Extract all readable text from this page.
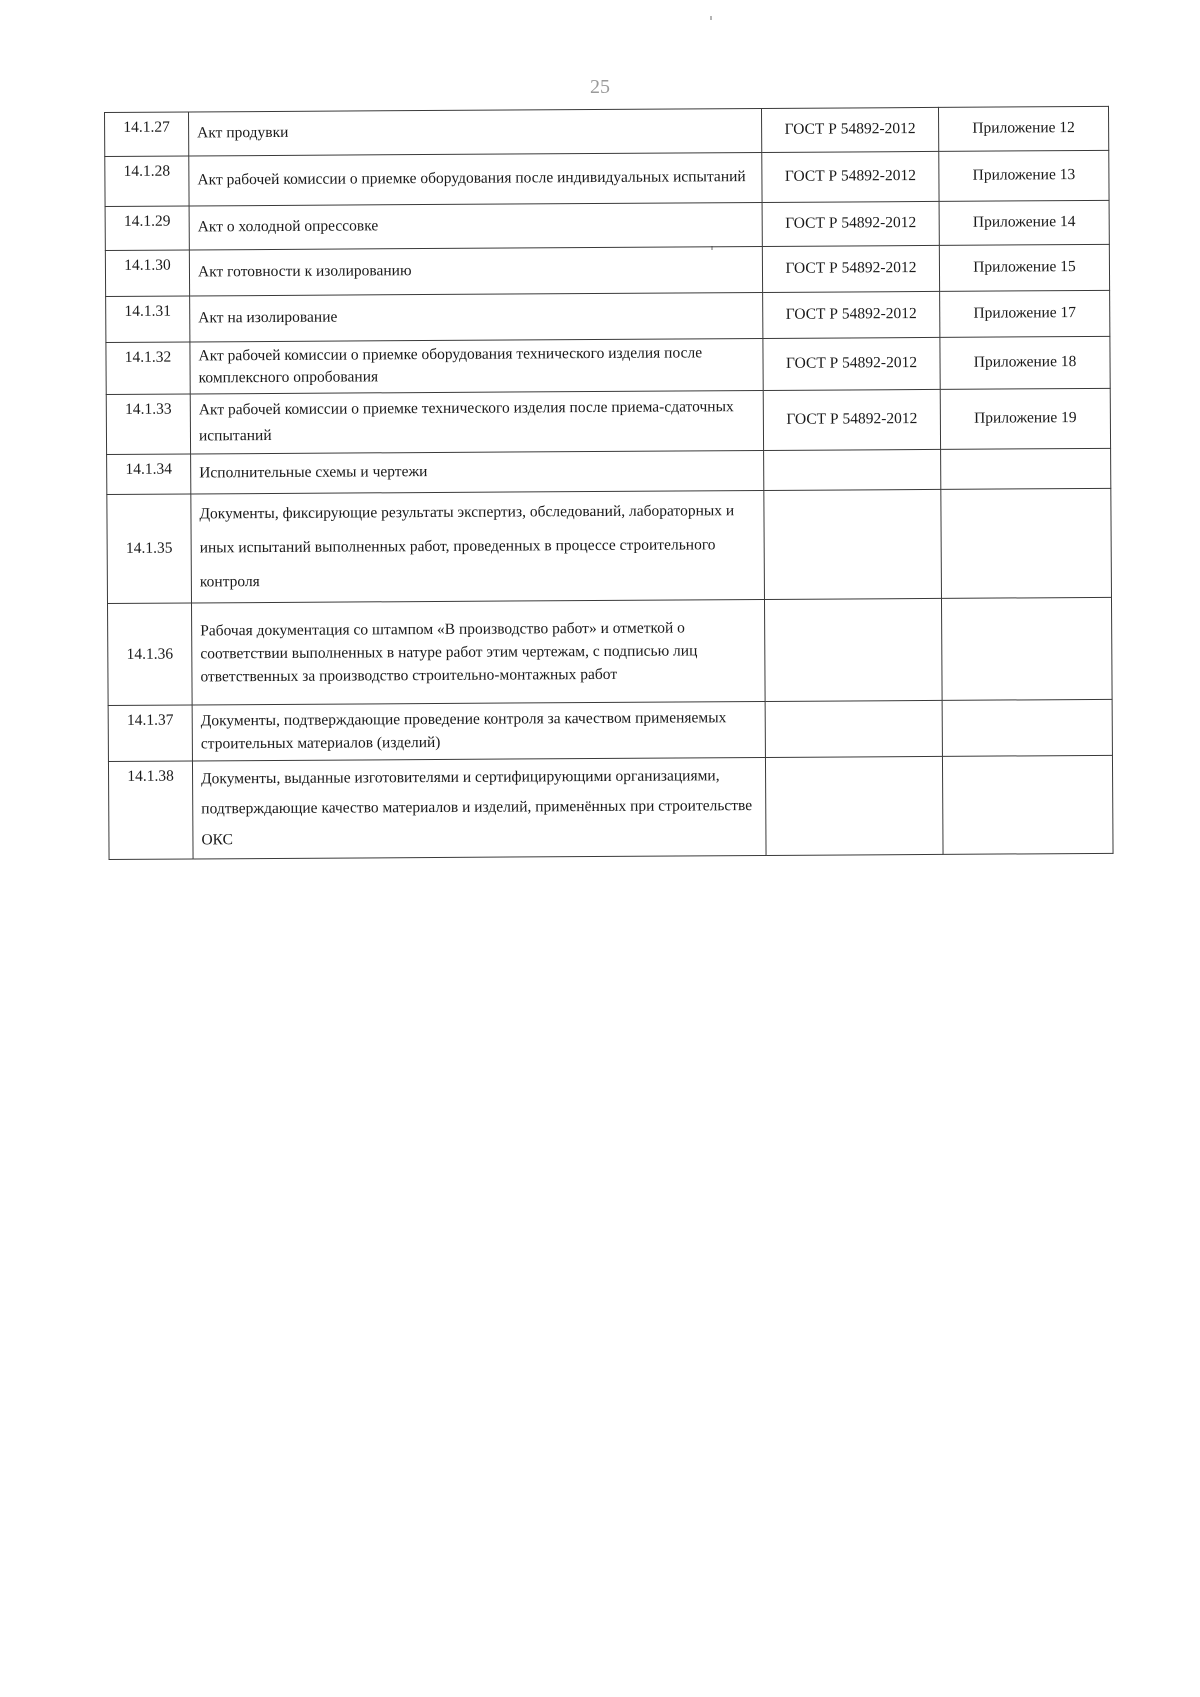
25
14.1.27	Акт продувки	ГОСТ Р 54892-2012	Приложение 12
14.1.28	Акт рабочей комиссии о приемке оборудования после индивидуальных испытаний	ГОСТ Р 54892-2012	Приложение 13
14.1.29	Акт о холодной опрессовке	ГОСТ Р 54892-2012	Приложение 14
14.1.30	Акт готовности к изолированию	ГОСТ Р 54892-2012	Приложение 15
14.1.31	Акт на изолирование	ГОСТ Р 54892-2012	Приложение 17
14.1.32	Акт рабочей комиссии о приемке оборудования технического изделия после комплексного опробования	ГОСТ Р 54892-2012	Приложение 18
14.1.33	Акт рабочей комиссии о приемке технического изделия после приема-сдаточных испытаний	ГОСТ Р 54892-2012	Приложение 19
14.1.34	Исполнительные схемы и чертежи		
14.1.35	Документы, фиксирующие результаты экспертиз, обследований, лабораторных и иных испытаний выполненных работ, проведенных в процессе строительного контроля		
14.1.36	Рабочая документация со штампом «В производство работ» и отметкой о соответствии выполненных в натуре работ этим чертежам, с подписью лиц ответственных за производство строительно-монтажных работ		
14.1.37	Документы, подтверждающие проведение контроля за качеством применяемых строительных материалов (изделий)		
14.1.38	Документы, выданные изготовителями и сертифицирующими организациями, подтверждающие качество материалов и изделий, применённых при строительстве ОКС		
